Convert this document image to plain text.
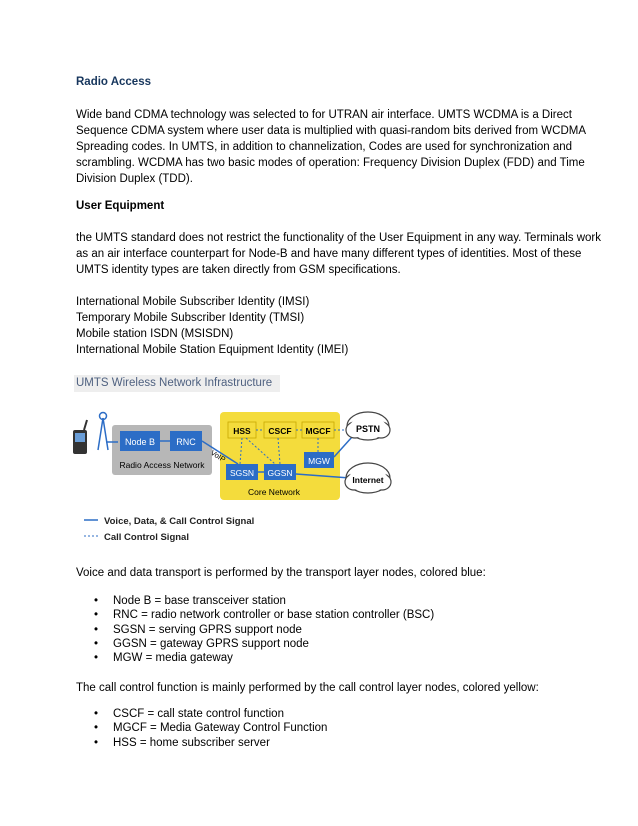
Radio Access
Wide band CDMA technology was selected to for UTRAN air interface. UMTS WCDMA is a Direct
Sequence CDMA system where user data is multiplied with quasi-random bits derived from WCDMA
Spreading codes. In UMTS, in addition to channelization, Codes are used for synchronization and
scrambling. WCDMA has two basic modes of operation: Frequency Division Duplex (FDD) and Time
Division Duplex (TDD).
User Equipment
the UMTS standard does not restrict the functionality of the User Equipment in any way. Terminals work
as an air interface counterpart for Node-B and have many different types of identities. Most of these
UMTS identity types are taken directly from GSM specifications.
International Mobile Subscriber Identity (IMSI)
Temporary Mobile Subscriber Identity (TMSI)
Mobile station ISDN (MSISDN)
International Mobile Station Equipment Identity (IMEI)
UMTS Wireless Network Infrastructure
Node B RNC
Radio Access Network
VoIP
HSS CSCF MGCF
SGSN GGSN
MGW
Core Network
PSTN
Internet
Voice, Data, & Call Control Signal
Call Control Signal
Voice and data transport is performed by the transport layer nodes, colored blue:
• Node B = base transceiver station
• RNC = radio network controller or base station controller (BSC)
• SGSN = serving GPRS support node
• GGSN = gateway GPRS support node
• MGW = media gateway
The call control function is mainly performed by the call control layer nodes, colored yellow:
• CSCF = call state control function
• MGCF = Media Gateway Control Function
• HSS = home subscriber server
